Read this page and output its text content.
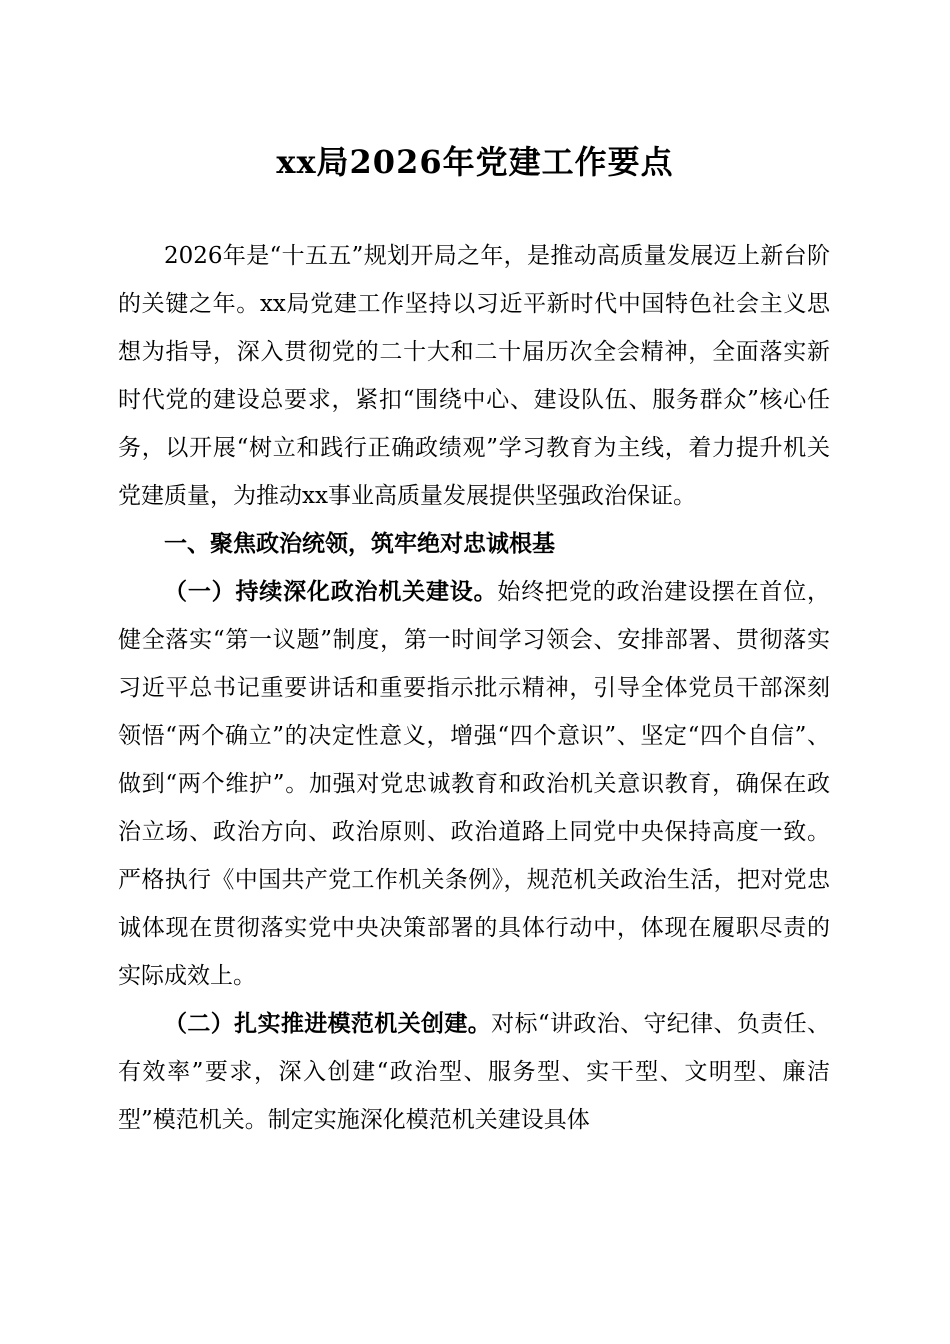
xx局2026年党建工作要点

2026年是“十五五”规划开局之年，是推动高质量发展迈上新台阶的关键之年。xx局党建工作坚持以习近平新时代中国特色社会主义思想为指导，深入贯彻党的二十大和二十届历次全会精神，全面落实新时代党的建设总要求，紧扣“围绕中心、建设队伍、服务群众”核心任务，以开展“树立和践行正确政绩观”学习教育为主线，着力提升机关党建质量，为推动xx事业高质量发展提供坚强政治保证。

一、聚焦政治统领，筑牢绝对忠诚根基

（一）持续深化政治机关建设。始终把党的政治建设摆在首位，健全落实“第一议题”制度，第一时间学习领会、安排部署、贯彻落实习近平总书记重要讲话和重要指示批示精神，引导全体党员干部深刻领悟“两个确立”的决定性意义，增强“四个意识”、坚定“四个自信”、做到“两个维护”。加强对党忠诚教育和政治机关意识教育，确保在政治立场、政治方向、政治原则、政治道路上同党中央保持高度一致。严格执行《中国共产党工作机关条例》，规范机关政治生活，把对党忠诚体现在贯彻落实党中央决策部署的具体行动中，体现在履职尽责的实际成效上。

（二）扎实推进模范机关创建。对标“讲政治、守纪律、负责任、有效率”要求，深入创建“政治型、服务型、实干型、文明型、廉洁型”模范机关。制定实施深化模范机关建设具体
